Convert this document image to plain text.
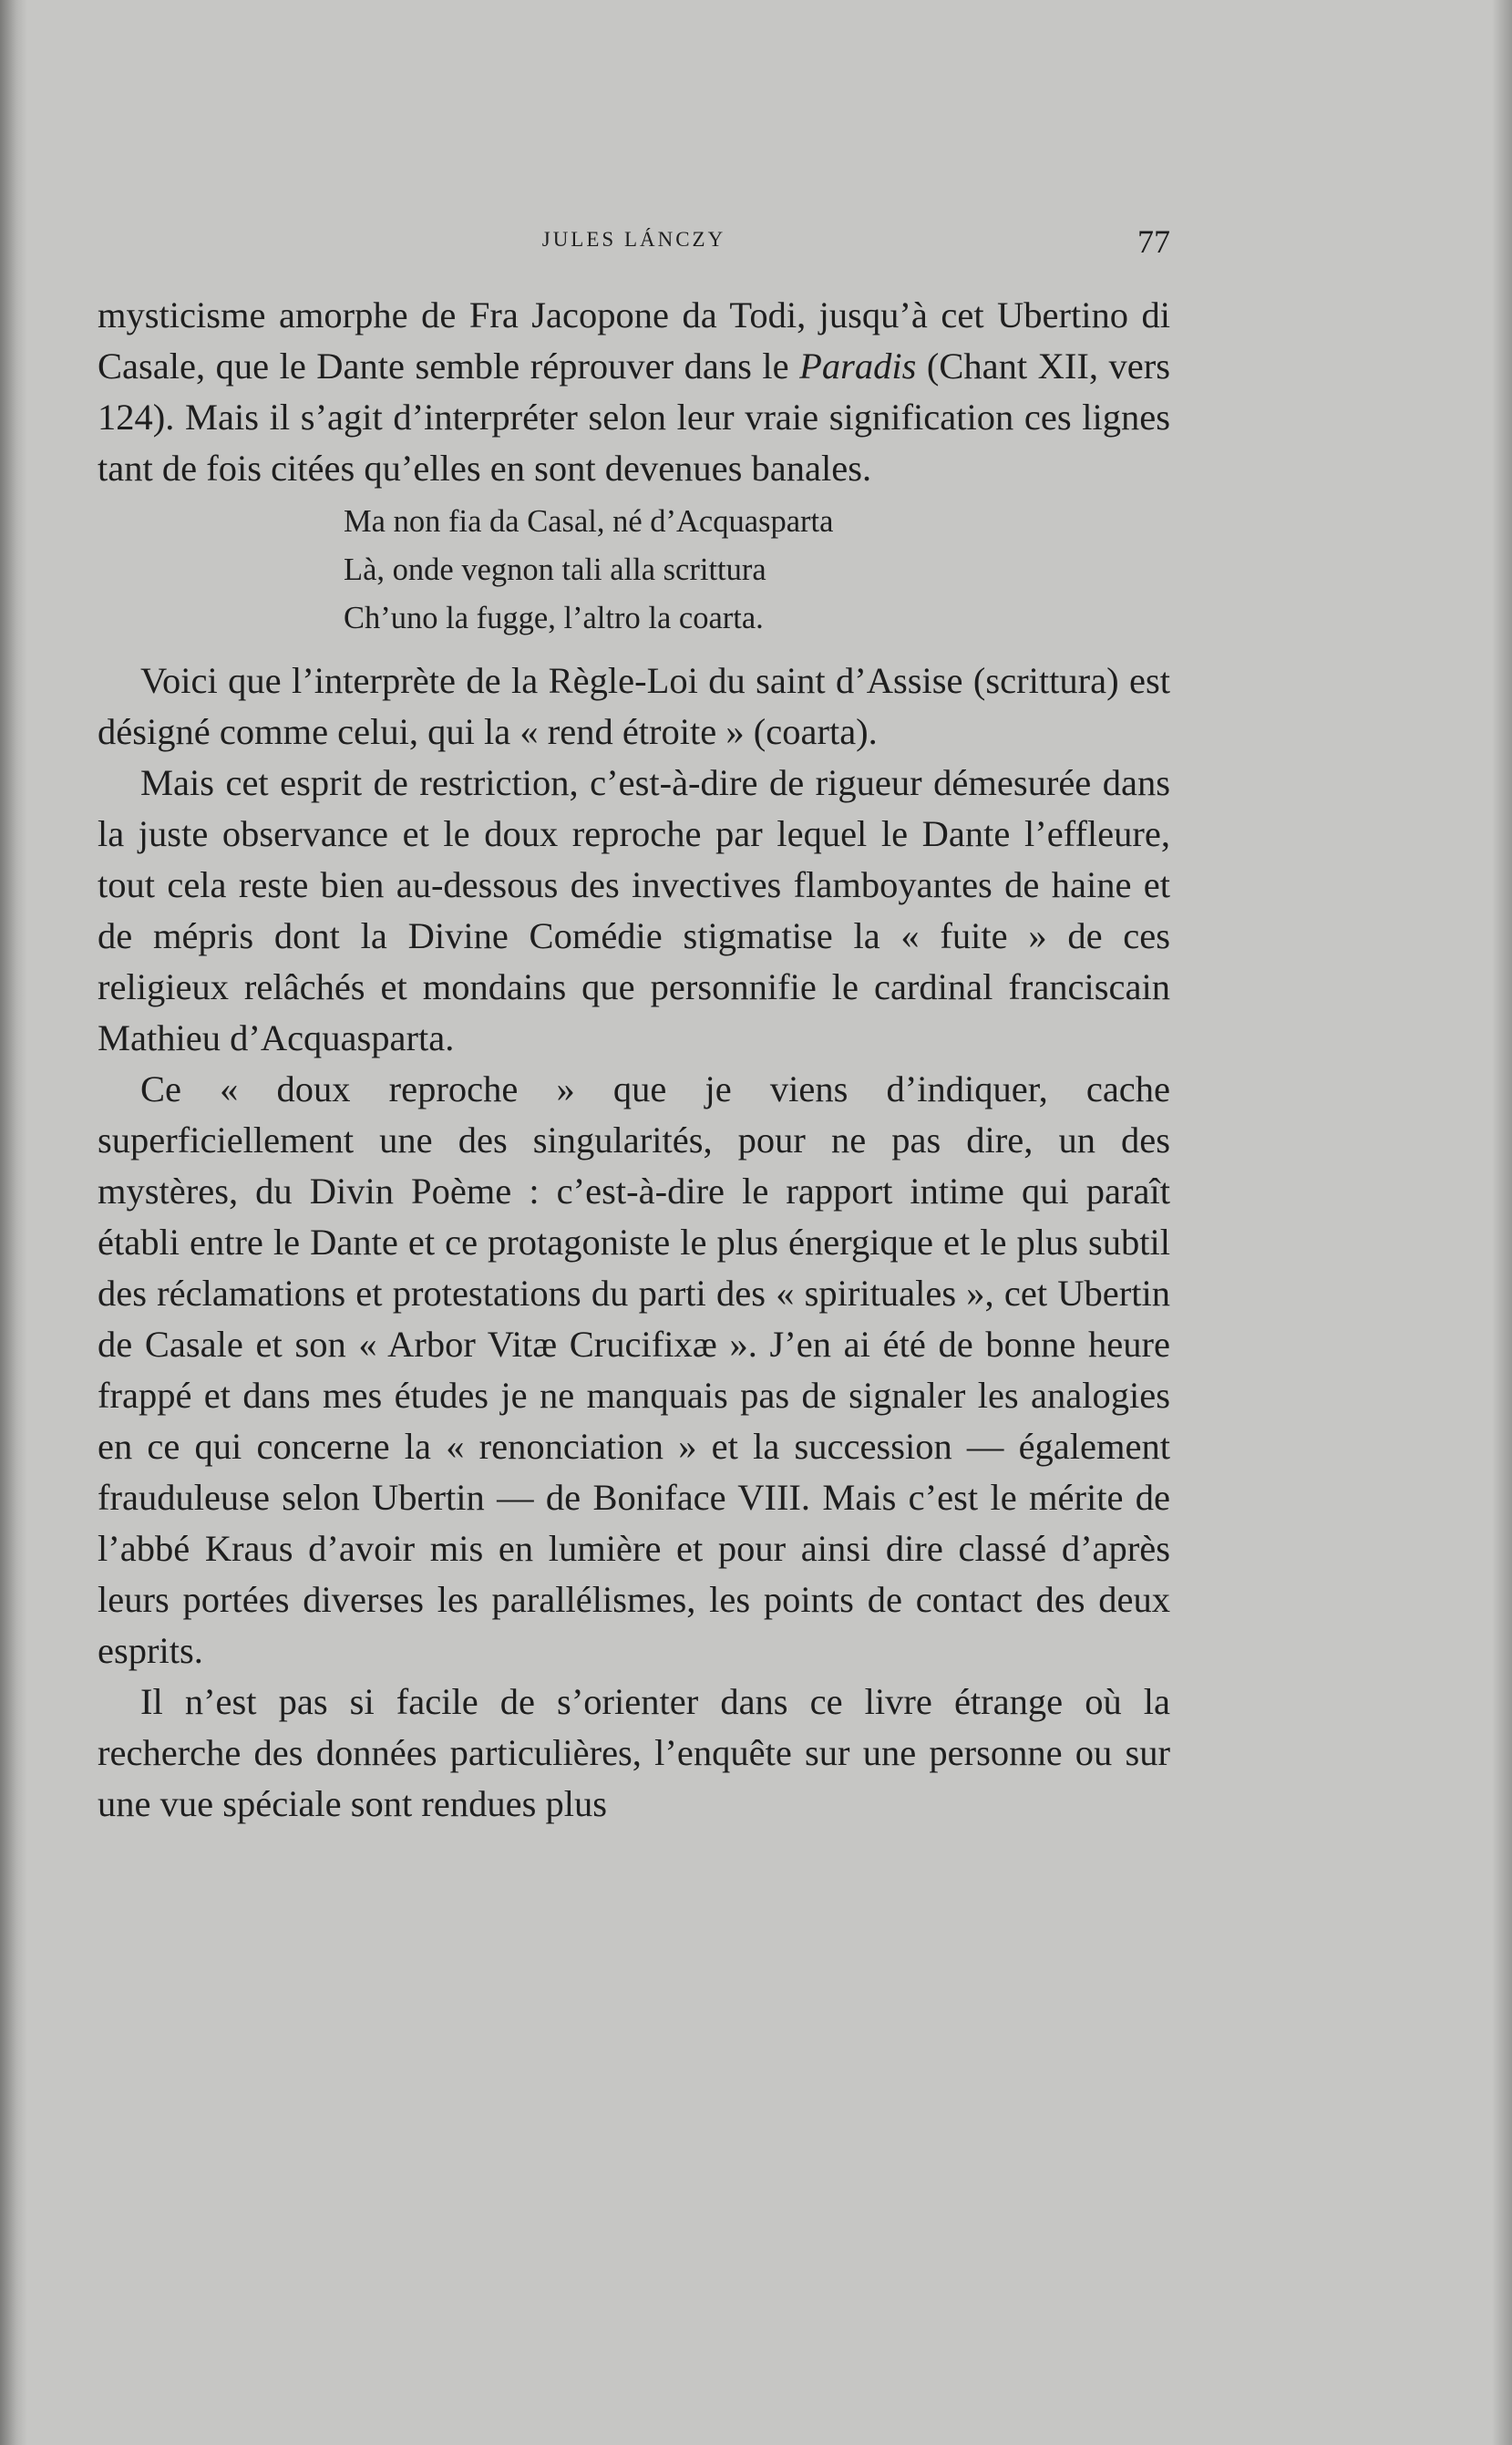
JULES LÁNCZY	77

mysticisme amorphe de Fra Jacopone da Todi, jusqu’à cet Ubertino di Casale, que le Dante semble réprouver dans le Paradis (Chant XII, vers 124). Mais il s’agit d’interpréter selon leur vraie signification ces lignes tant de fois citées qu’elles en sont devenues banales.

Ma non fia da Casal, né d’Acquasparta
Là, onde vegnon tali alla scrittura
Ch’uno la fugge, l’altro la coarta.

Voici que l’interprète de la Règle-Loi du saint d’Assise (scrittura) est désigné comme celui, qui la « rend étroite » (coarta).

Mais cet esprit de restriction, c’est-à-dire de rigueur démesurée dans la juste observance et le doux reproche par lequel le Dante l’effleure, tout cela reste bien au-dessous des invectives flamboyantes de haine et de mépris dont la Divine Comédie stigmatise la « fuite » de ces religieux relâchés et mondains que personnifie le cardinal franciscain Mathieu d’Acquasparta.

Ce « doux reproche » que je viens d’indiquer, cache superficiellement une des singularités, pour ne pas dire, un des mystères, du Divin Poème : c’est-à-dire le rapport intime qui paraît établi entre le Dante et ce protagoniste le plus énergique et le plus subtil des réclamations et protestations du parti des « spirituales », cet Ubertin de Casale et son « Arbor Vitæ Crucifixæ ». J’en ai été de bonne heure frappé et dans mes études je ne manquais pas de signaler les analogies en ce qui concerne la « renonciation » et la succession — également frauduleuse selon Ubertin — de Boniface VIII. Mais c’est le mérite de l’abbé Kraus d’avoir mis en lumière et pour ainsi dire classé d’après leurs portées diverses les parallélismes, les points de contact des deux esprits.

Il n’est pas si facile de s’orienter dans ce livre étrange où la recherche des données particulières, l’enquête sur une personne ou sur une vue spéciale sont rendues plus
